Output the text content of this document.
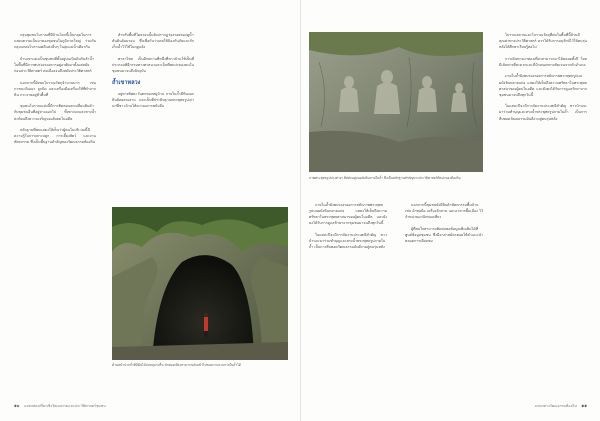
กลุ่มชุมชนโบราณที่มีบ้านโคกนี้เป็นกลุ่มในการแสดงความเป็นมาของชุมชนในภูมิภาคใหญ่ ร่วมกับกลุ่มแหล่งโบราณคดีแห่งอื่นๆ ในลุ่มแม่น้ำเดียวกัน

บ้านเขาแดงเป็นชุมชนที่ตั้งอยู่บนเนินดินริมลำน้ำ ในพื้นที่มีการพบร่องรอยการอยู่อาศัยมาตั้งแต่สมัยก่อนประวัติศาสตร์ ต่อเนื่องจนถึงสมัยประวัติศาสตร์

นอกจากนี้ยังพบโบราณวัตถุจำนวนมาก เช่น ภาชนะดินเผา ลูกปัด และเครื่องมือเครื่องใช้ที่ทำจากหิน กระจายอยู่ทั่วพื้นที่

ชุมชนโบราณแห่งนี้มีการติดต่อแลกเปลี่ยนสินค้ากับชุมชนอื่นที่อยู่ห่างออกไป ทั้งทางบกและทางน้ำ สะท้อนถึงความเจริญของสังคมในอดีต

หลักฐานที่พบแสดงให้เห็นว่าผู้คนในบริเวณนี้มีความรู้ในการเพาะปลูก การเลี้ยงสัตว์ และงานหัตถกรรม ซึ่งเป็นพื้นฐานสำคัญของวัฒนธรรมท้องถิ่น

สำหรับพื้นที่โดยรอบนั้นยังปรากฏร่องรอยของคูน้ำคันดินล้อมรอบ ซึ่งเชื่อกันว่าเคยใช้ป้องกันภัยและกักเก็บน้ำไว้ใช้ในฤดูแล้ง

ศาลาไทย เป็นอีกสถานที่หนึ่งที่ชาวบ้านใช้เป็นที่ประกอบพิธีกรรมทางศาสนาและเป็นที่พบปะของคนในชุมชนมาจนถึงปัจจุบัน

ถ้ำเขาหลวง

อยู่ทางทิศตะวันตกของหมู่บ้าน ภายในถ้ำมีหินงอกหินย้อยสวยงาม และเป็นที่ประดิษฐานพระพุทธรูปเก่าแก่ที่ชาวบ้านให้ความเคารพนับถือ

ด้านหน้าปากถ้ำที่มีต้นไม้ปกคลุมร่มรื่น นักท่องเที่ยวสามารถเดินเข้าไปชมความงามภายในถ้ำได้
๑๐ แหล่งท่องเที่ยวเชิงวัฒนธรรมและประวัติศาสตร์ชุมชน
ภาพพระพุทธรูปปางต่างๆ ที่สลักอยู่บนผนังหินภายในถ้ำ ซึ่งเป็นหลักฐานสำคัญทางประวัติศาสตร์ศิลปะของท้องถิ่น

ภายในถ้ำยังพบร่องรอยการสลักภาพพระพุทธรูปบนผนังหินหลายแห่ง แสดงให้เห็นถึงความศรัทธาในพระพุทธศาสนาของผู้คนในอดีต และยังคงได้รับการดูแลรักษาจากชุมชนมาจนถึงทุกวันนี้

ในแต่ละปีจะมีการจัดงานประเพณีสำคัญ ชาวบ้านจะมาร่วมทำบุญและสรงน้ำพระพุทธรูปภายในถ้ำ เป็นการสืบทอดวัฒนธรรมอันดีงามสู่คนรุ่นหลัง

นอกจากนี้ชุมชนยังมีสินค้าหัตถกรรมพื้นบ้าน เช่น ผ้าทอมือ เครื่องจักสาน และอาหารพื้นเมือง ไว้จำหน่ายแก่นักท่องเที่ยว

ผู้ที่สนใจสามารถติดต่อขอข้อมูลเพิ่มเติมได้ที่ศูนย์ข้อมูลชุมชน ซึ่งมีอาสาสมัครคอยให้คำแนะนำตลอดการเยี่ยมชม

โบราณสถานและโบราณวัตถุที่พบในพื้นที่นี้ล้วนมีคุณค่าทางประวัติศาสตร์ ควรได้รับการอนุรักษ์ไว้ให้คนรุ่นหลังได้ศึกษาเรียนรู้ต่อไป

การเดินทางมาท่องเที่ยวสามารถมาได้ตลอดทั้งปี โดยมีเส้นทางที่สะดวกและมีป้ายบอกทางชัดเจนจากตัวอำเภอ

ภายในถ้ำยังพบร่องรอยการสลักภาพพระพุทธรูปบนผนังหินหลายแห่ง แสดงให้เห็นถึงความศรัทธาในพระพุทธศาสนาของผู้คนในอดีต และยังคงได้รับการดูแลรักษาจากชุมชนมาจนถึงทุกวันนี้

ในแต่ละปีจะมีการจัดงานประเพณีสำคัญ ชาวบ้านจะมาร่วมทำบุญและสรงน้ำพระพุทธรูปภายในถ้ำ เป็นการสืบทอดวัฒนธรรมอันดีงามสู่คนรุ่นหลัง

มรดกทางวัฒนธรรมท้องถิ่น ๑๑
